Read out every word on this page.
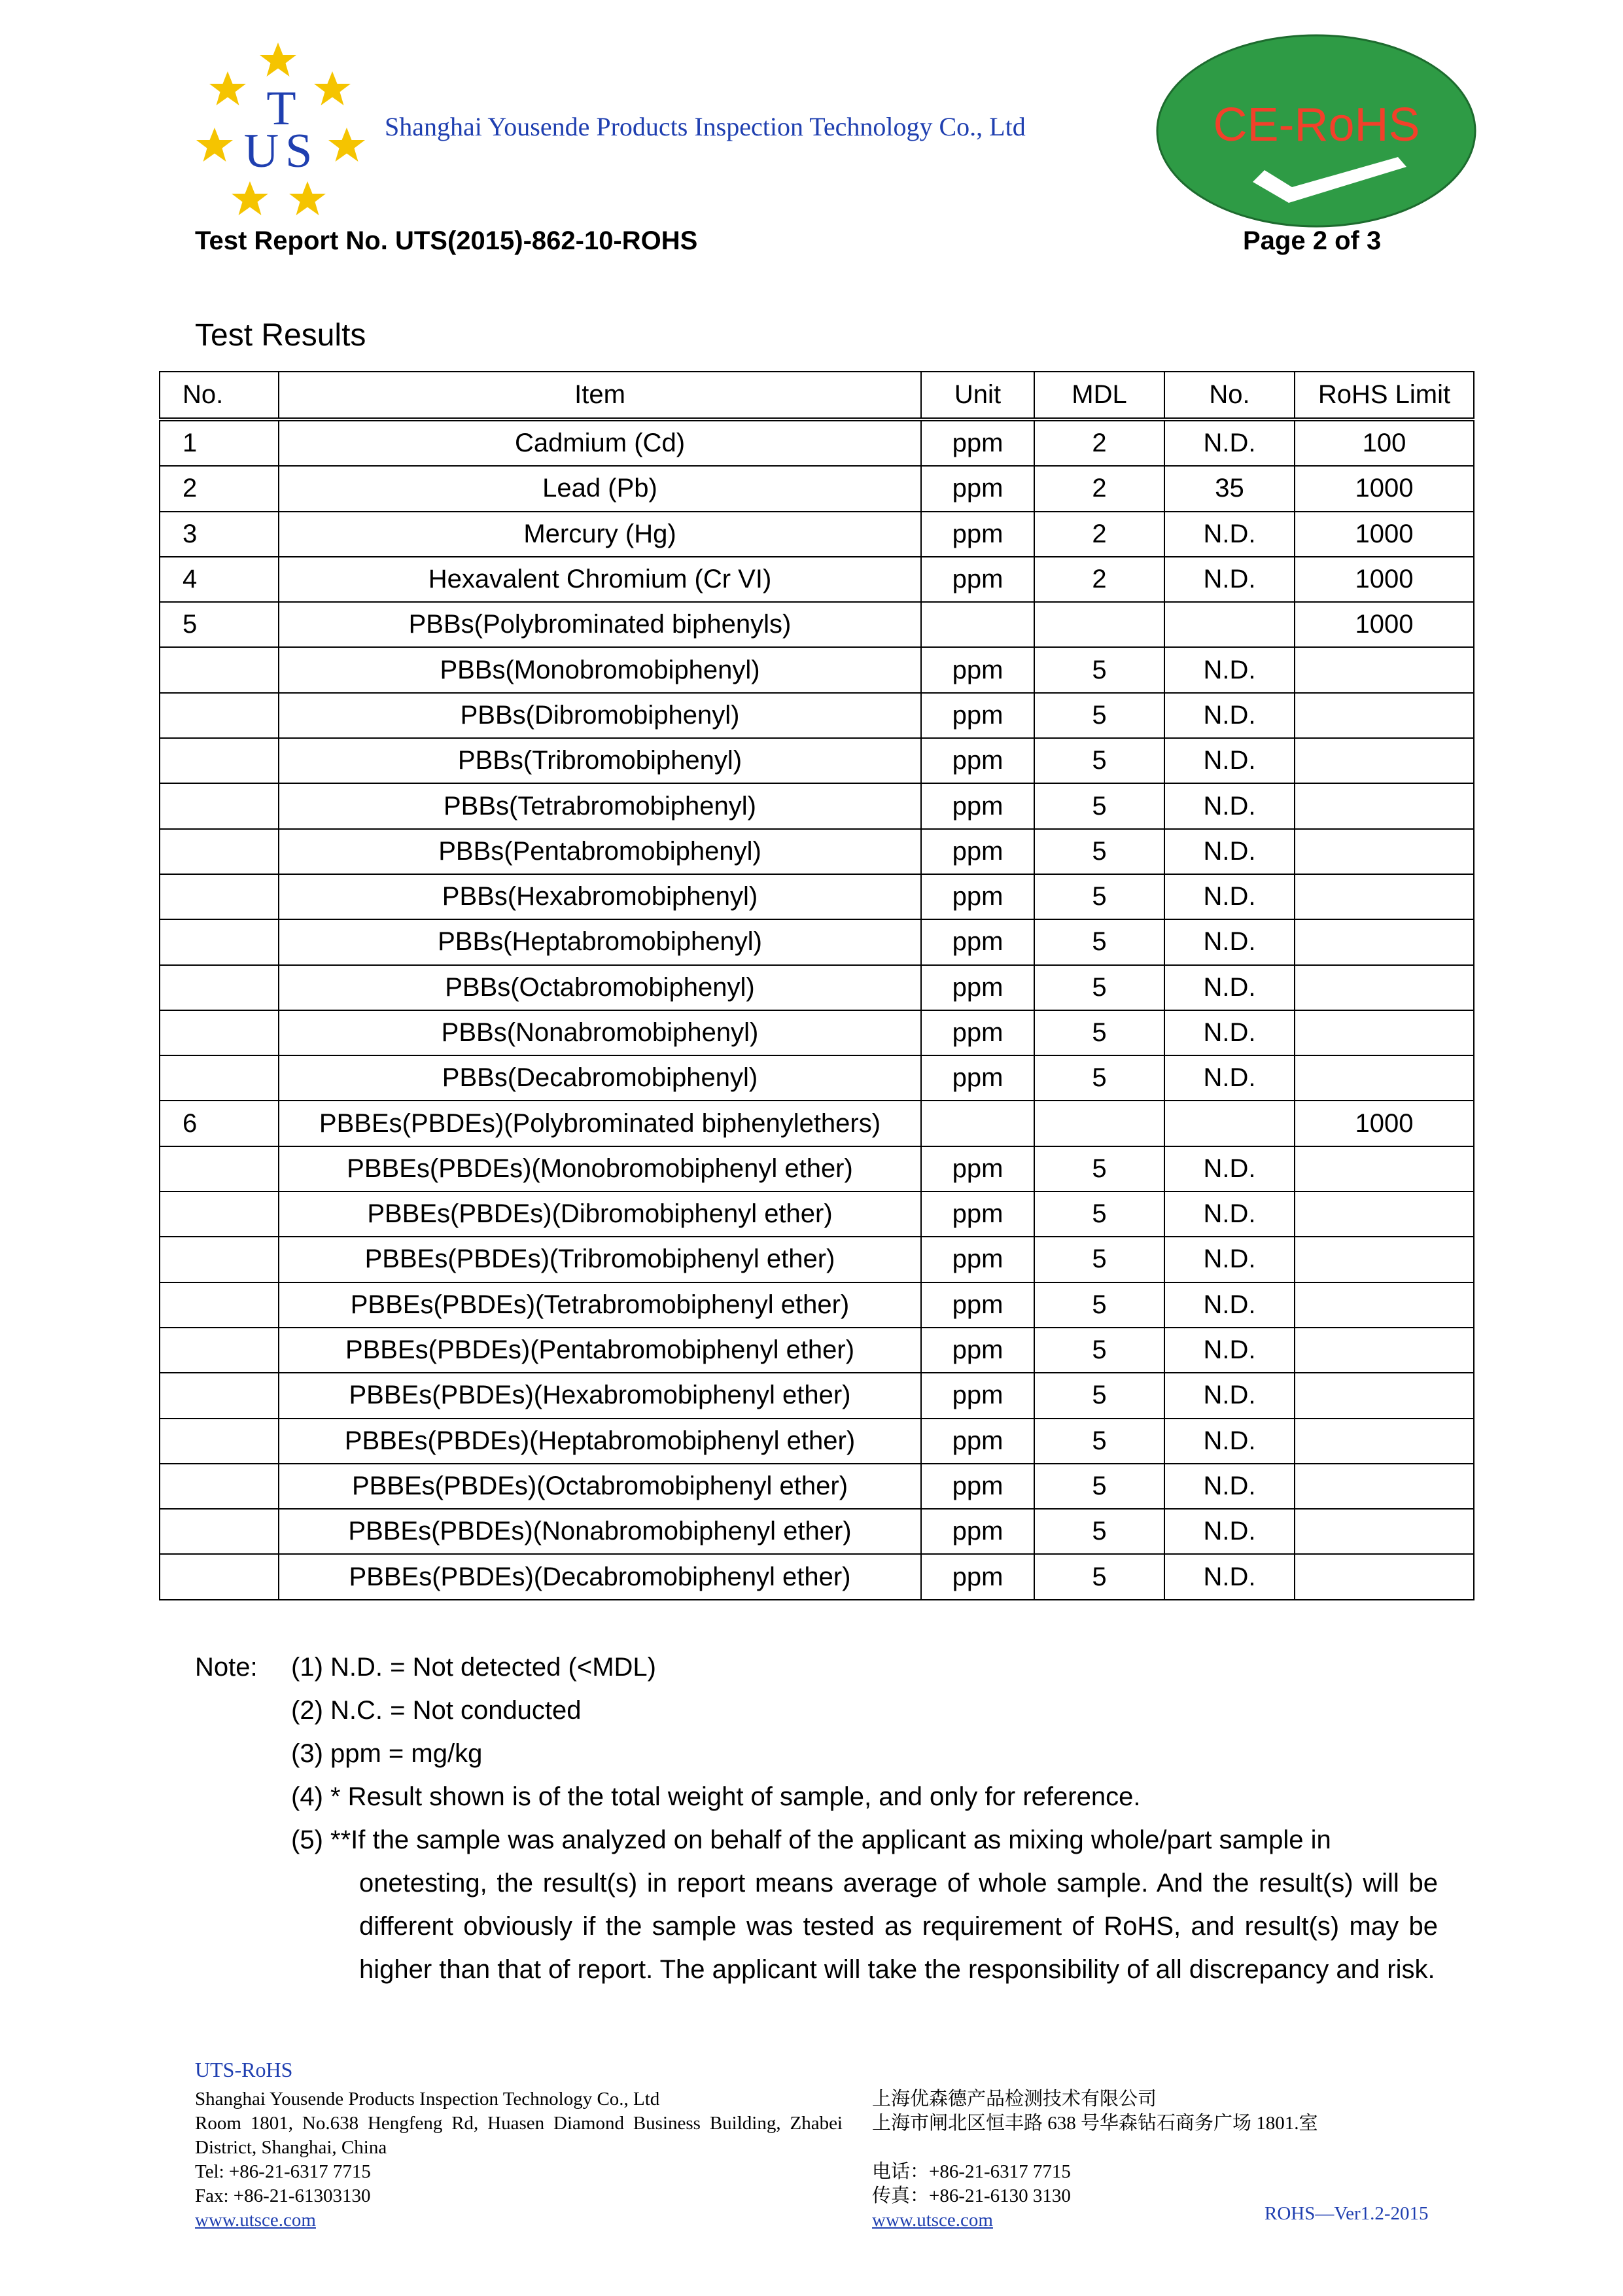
T
US	Shanghai Yousende Products Inspection Technology Co., Ltd	CE-RoHS
Test Report No. UTS(2015)-862-10-ROHS	Page 2 of 3
Test Results
No.	Item	Unit	MDL	No.	RoHS Limit
1	Cadmium (Cd)	ppm	2	N.D.	100
2	Lead (Pb)	ppm	2	35	1000
3	Mercury (Hg)	ppm	2	N.D.	1000
4	Hexavalent Chromium (Cr VI)	ppm	2	N.D.	1000
5	PBBs(Polybrominated biphenyls)				1000
	PBBs(Monobromobiphenyl)	ppm	5	N.D.	
	PBBs(Dibromobiphenyl)	ppm	5	N.D.	
	PBBs(Tribromobiphenyl)	ppm	5	N.D.	
	PBBs(Tetrabromobiphenyl)	ppm	5	N.D.	
	PBBs(Pentabromobiphenyl)	ppm	5	N.D.	
	PBBs(Hexabromobiphenyl)	ppm	5	N.D.	
	PBBs(Heptabromobiphenyl)	ppm	5	N.D.	
	PBBs(Octabromobiphenyl)	ppm	5	N.D.	
	PBBs(Nonabromobiphenyl)	ppm	5	N.D.	
	PBBs(Decabromobiphenyl)	ppm	5	N.D.	
6	PBBEs(PBDEs)(Polybrominated biphenylethers)				1000
	PBBEs(PBDEs)(Monobromobiphenyl ether)	ppm	5	N.D.	
	PBBEs(PBDEs)(Dibromobiphenyl ether)	ppm	5	N.D.	
	PBBEs(PBDEs)(Tribromobiphenyl ether)	ppm	5	N.D.	
	PBBEs(PBDEs)(Tetrabromobiphenyl ether)	ppm	5	N.D.	
	PBBEs(PBDEs)(Pentabromobiphenyl ether)	ppm	5	N.D.	
	PBBEs(PBDEs)(Hexabromobiphenyl ether)	ppm	5	N.D.	
	PBBEs(PBDEs)(Heptabromobiphenyl ether)	ppm	5	N.D.	
	PBBEs(PBDEs)(Octabromobiphenyl ether)	ppm	5	N.D.	
	PBBEs(PBDEs)(Nonabromobiphenyl ether)	ppm	5	N.D.	
	PBBEs(PBDEs)(Decabromobiphenyl ether)	ppm	5	N.D.	
Note: (1) N.D. = Not detected (<MDL)
(2) N.C. = Not conducted
(3) ppm = mg/kg
(4) * Result shown is of the total weight of sample, and only for reference.
(5) **If the sample was analyzed on behalf of the applicant as mixing whole/part sample in
onetesting, the result(s) in report means average of whole sample. And the result(s) will be different obviously if the sample was tested as requirement of RoHS, and result(s) may be higher than that of report. The applicant will take the responsibility of all discrepancy and risk.
UTS-RoHS
Shanghai Yousende Products Inspection Technology Co., Ltd
Room 1801, No.638 Hengfeng Rd, Huasen Diamond Business Building, Zhabei District, Shanghai, China
Tel: +86-21-6317 7715
Fax: +86-21-61303130
www.utsce.com
上海优森德产品检测技术有限公司
上海市闸北区恒丰路 638 号华森钻石商务广场 1801.室
电话：+86-21-6317 7715
传真：+86-21-6130 3130
www.utsce.com	ROHS—Ver1.2-2015
